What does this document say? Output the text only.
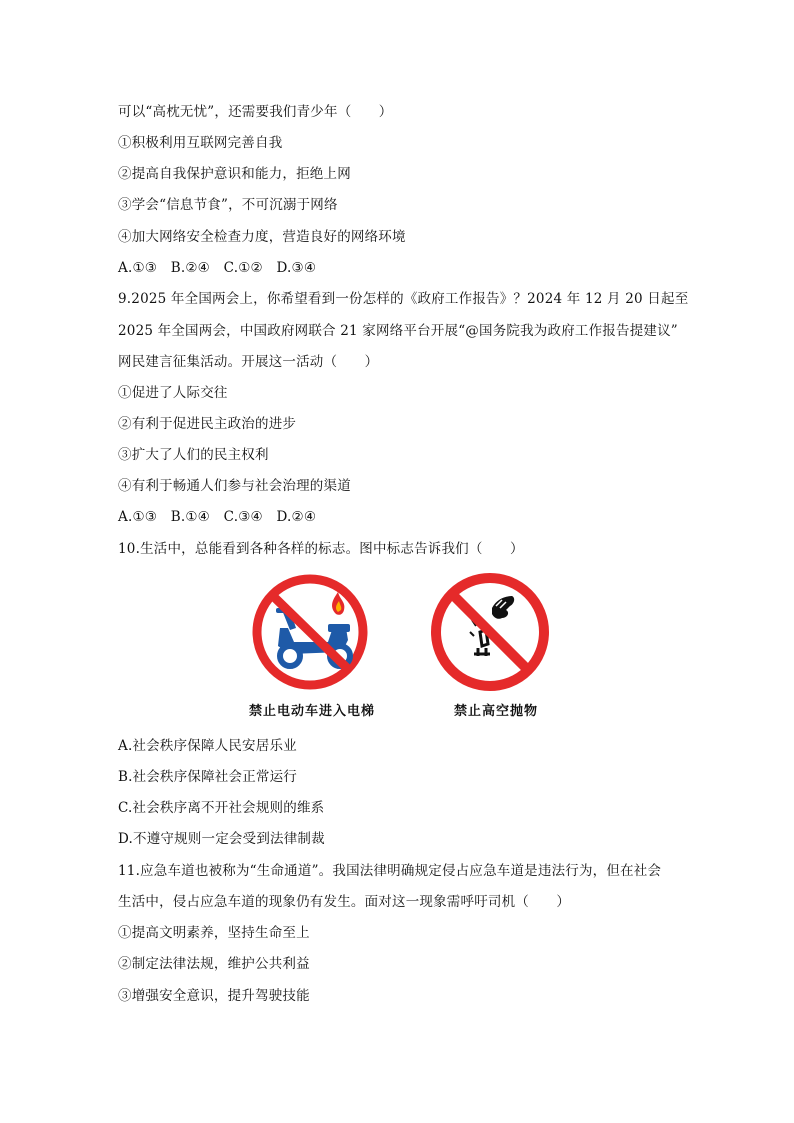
可以“高枕无忧”，还需要我们青少年（　　）
①积极利用互联网完善自我
②提高自我保护意识和能力，拒绝上网
③学会“信息节食”，不可沉溺于网络
④加大网络安全检查力度，营造良好的网络环境
A.①③　B.②④　C.①②　D.③④
9.2025 年全国两会上，你希望看到一份怎样的《政府工作报告》？2024 年 12 月 20 日起至
2025 年全国两会，中国政府网联合 21 家网络平台开展“@国务院我为政府工作报告提建议”
网民建言征集活动。开展这一活动（　　）
①促进了人际交往
②有利于促进民主政治的进步
③扩大了人们的民主权利
④有利于畅通人们参与社会治理的渠道
A.①③　B.①④　C.③④　D.②④
10.生活中，总能看到各种各样的标志。图中标志告诉我们（　　）
禁止电动车进入电梯	禁止高空抛物
A.社会秩序保障人民安居乐业
B.社会秩序保障社会正常运行
C.社会秩序离不开社会规则的维系
D.不遵守规则一定会受到法律制裁
11.应急车道也被称为“生命通道”。我国法律明确规定侵占应急车道是违法行为，但在社会
生活中，侵占应急车道的现象仍有发生。面对这一现象需呼吁司机（　　）
①提高文明素养，坚持生命至上
②制定法律法规，维护公共利益
③增强安全意识，提升驾驶技能
